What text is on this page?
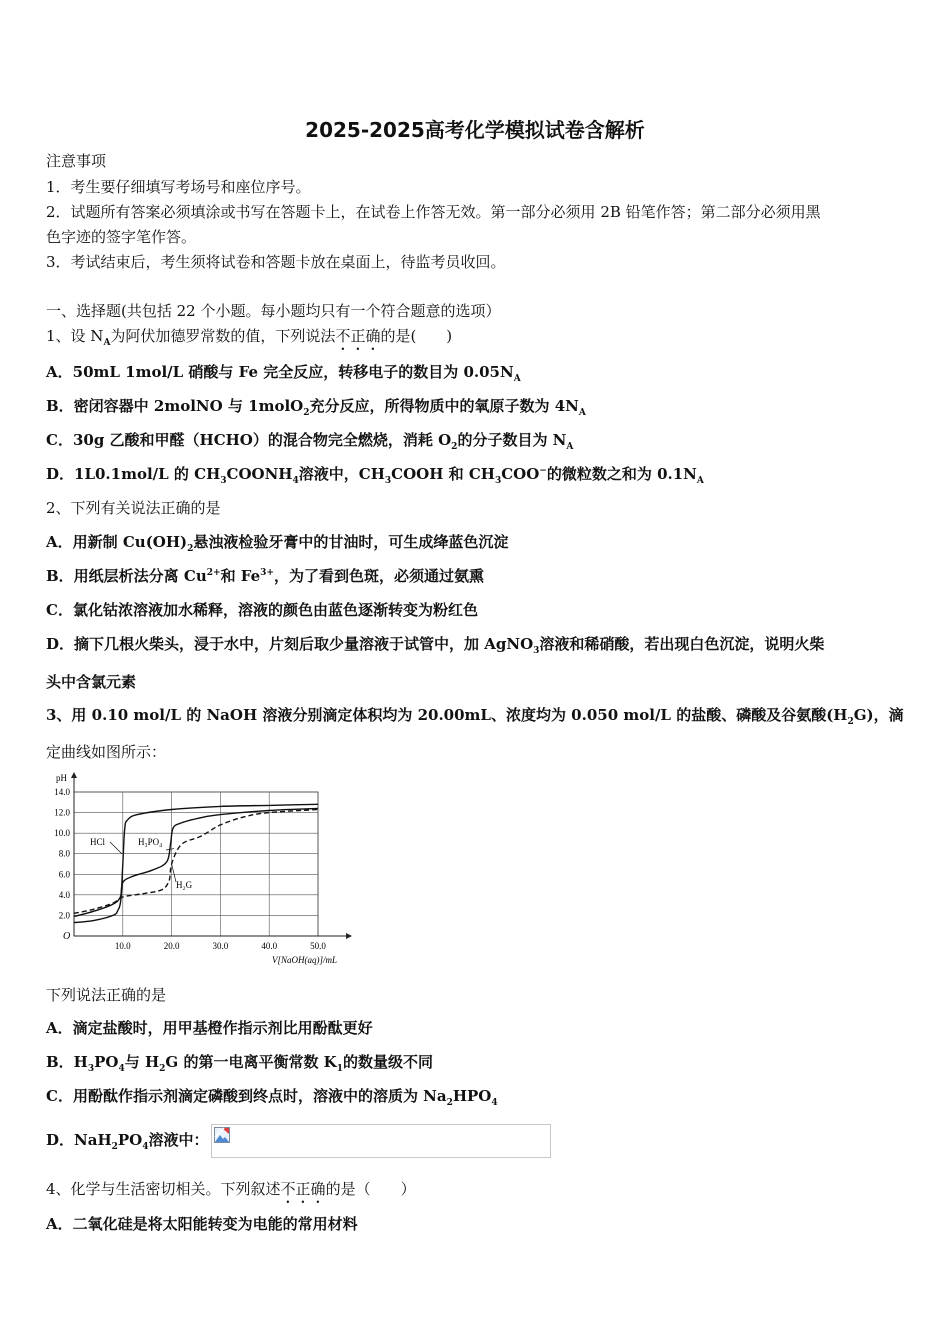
2025-2025高考化学模拟试卷含解析
注意事项
1．考生要仔细填写考场号和座位序号。
2．试题所有答案必须填涂或书写在答题卡上，在试卷上作答无效。第一部分必须用 2B 铅笔作答；第二部分必须用黑
色字迹的签字笔作答。
3．考试结束后，考生须将试卷和答题卡放在桌面上，待监考员收回。
一、选择题(共包括 22 个小题。每小题均只有一个符合题意的选项）
1、设 $N_A$为阿伏加德罗常数的值，下列说法不正确的是(　　)
A．50mL 1mol/L 硝酸与 Fe 完全反应，转移电子的数目为 $0.05N_A$
B．密闭容器中 2molNO 与 1molO$_2$充分反应，所得物质中的氧原子数为 $4N_A$
C．30g 乙酸和甲醛（HCHO）的混合物完全燃烧，消耗 $O_2$的分子数目为 $N_A$
D．1L0.1mol/L 的 $CH_3COONH_4$溶液中，$CH_3COOH$ 和 $CH_3COO^-$的微粒数之和为 $0.1N_A$
2、下列有关说法正确的是
A．用新制 $Cu(OH)_2$悬浊液检验牙膏中的甘油时，可生成绛蓝色沉淀
B．用纸层析法分离 $Cu^{2+}$和 $Fe^{3+}$，为了看到色斑，必须通过氨熏
C．氯化钴浓溶液加水稀释，溶液的颜色由蓝色逐渐转变为粉红色
D．摘下几根火柴头，浸于水中，片刻后取少量溶液于试管中，加 AgNO$_3$溶液和稀硝酸，若出现白色沉淀，说明火柴
头中含氯元素
3、用 0.10 mol/L 的 NaOH 溶液分别滴定体积均为 20.00mL、浓度均为 0.050 mol/L 的盐酸、磷酸及谷氨酸$(H_2G)$，滴
定曲线如图所示：
10.0	20.0	30.0	40.0	50.0
2.0
4.0
6.0
8.0
10.0
12.0
14.0
HCl	H₃PO₄
H₂G
pH
O
V[NaOH(aq)]/mL
下列说法正确的是
A．滴定盐酸时，用甲基橙作指示剂比用酚酞更好
B．$H_3PO_4$与 $H_2G$ 的第一电离平衡常数 $K_1$的数量级不同
C．用酚酞作指示剂滴定磷酸到终点时，溶液中的溶质为 $Na_2HPO_4$
D．$NaH_2PO_4$溶液中：
4、化学与生活密切相关。下列叙述不正确的是（　　）
A．二氧化硅是将太阳能转变为电能的常用材料
